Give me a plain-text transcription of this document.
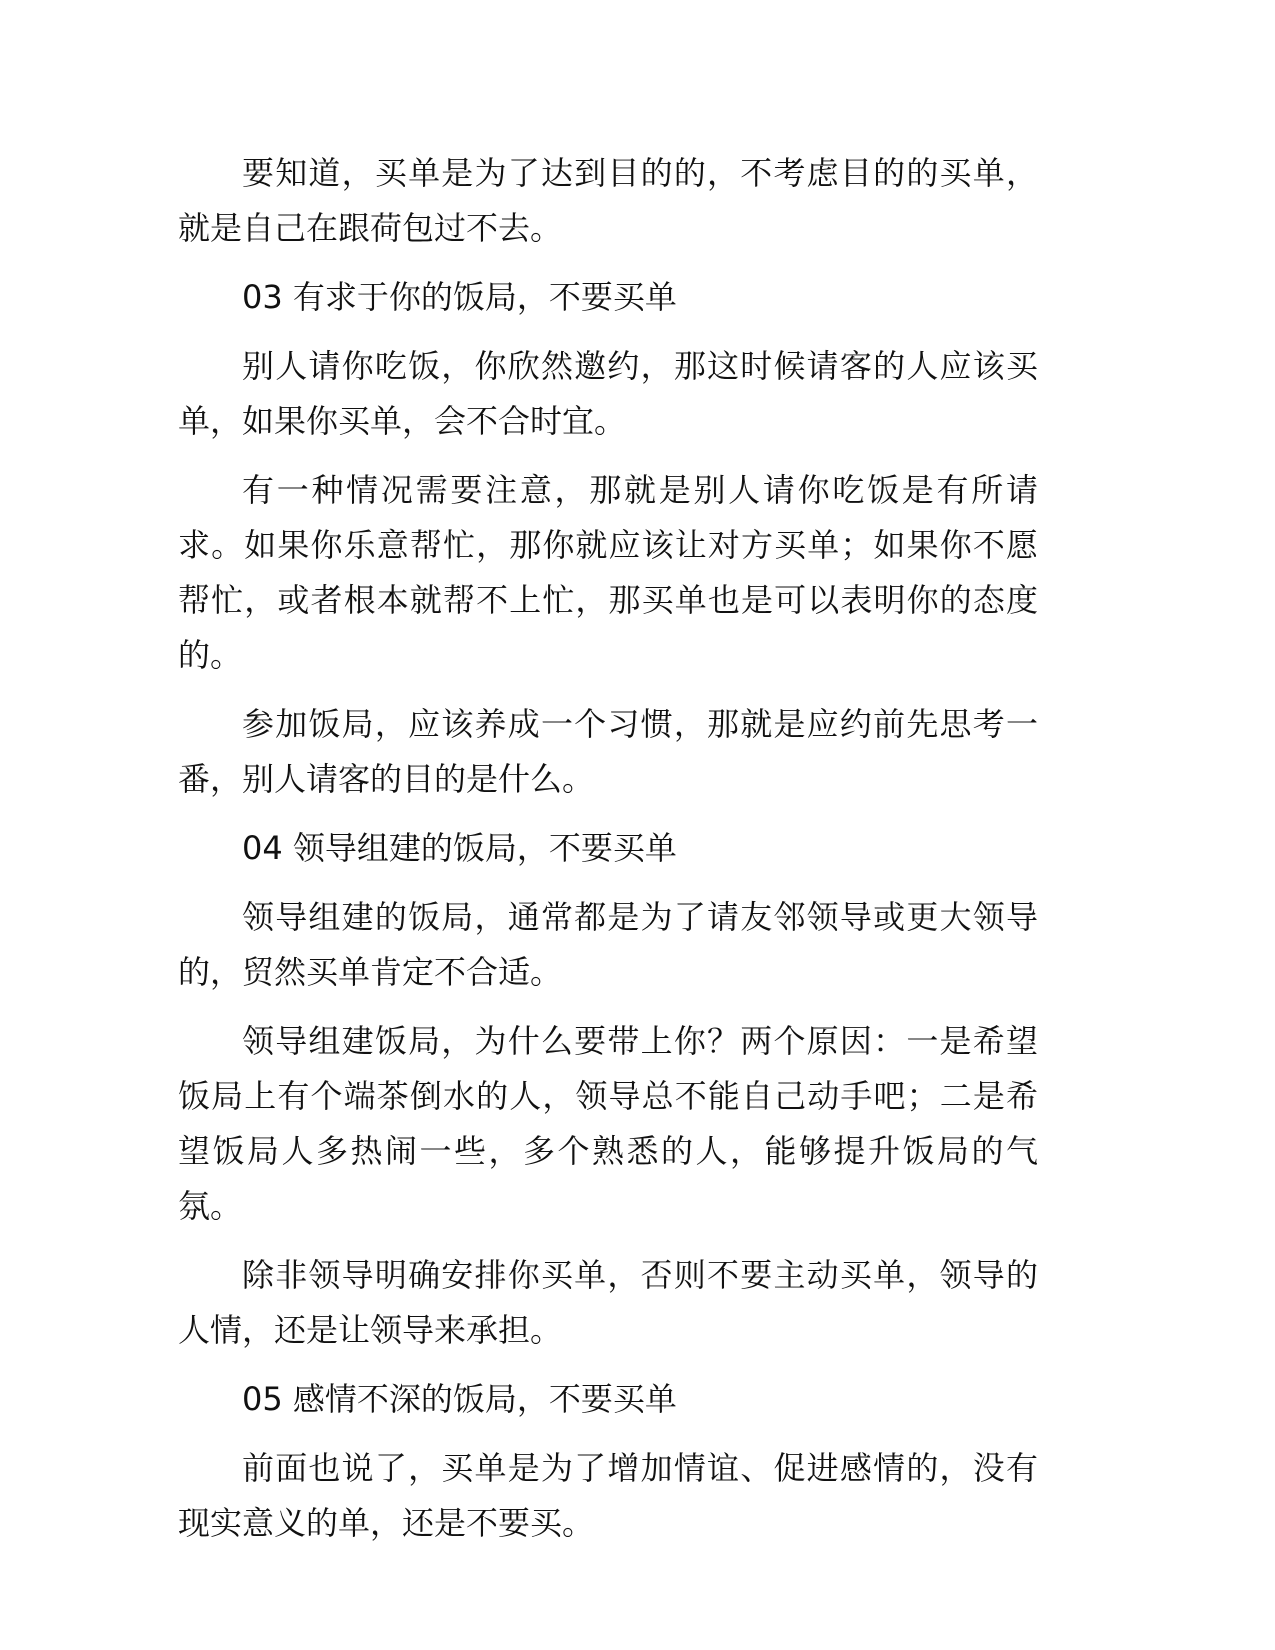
要知道，买单是为了达到目的的，不考虑目的的买单，就是自己在跟荷包过不去。

03 有求于你的饭局，不要买单

别人请你吃饭，你欣然邀约，那这时候请客的人应该买单，如果你买单，会不合时宜。

有一种情况需要注意，那就是别人请你吃饭是有所请求。如果你乐意帮忙，那你就应该让对方买单；如果你不愿帮忙，或者根本就帮不上忙，那买单也是可以表明你的态度的。

参加饭局，应该养成一个习惯，那就是应约前先思考一番，别人请客的目的是什么。

04 领导组建的饭局，不要买单

领导组建的饭局，通常都是为了请友邻领导或更大领导的，贸然买单肯定不合适。

领导组建饭局，为什么要带上你？两个原因：一是希望饭局上有个端茶倒水的人，领导总不能自己动手吧；二是希望饭局人多热闹一些，多个熟悉的人，能够提升饭局的气氛。

除非领导明确安排你买单，否则不要主动买单，领导的人情，还是让领导来承担。

05 感情不深的饭局，不要买单

前面也说了，买单是为了增加情谊、促进感情的，没有现实意义的单，还是不要买。
